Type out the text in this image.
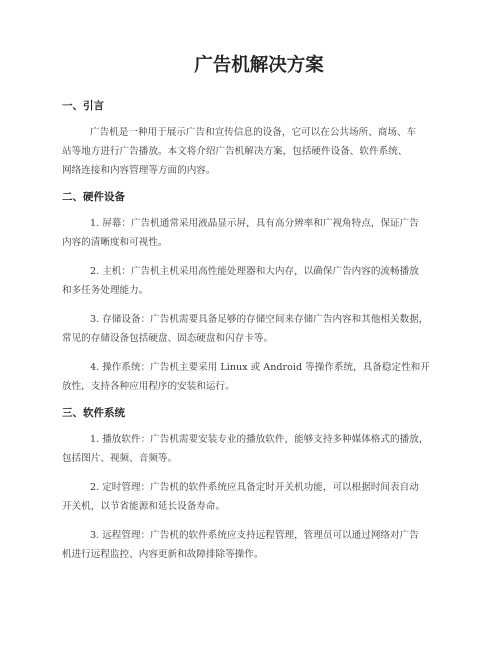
广告机解决方案
一、引言

广告机是一种用于展示广告和宣传信息的设备，它可以在公共场所、商场、车
站等地方进行广告播放。本文将介绍广告机解决方案，包括硬件设备、软件系统、
网络连接和内容管理等方面的内容。

二、硬件设备

1. 屏幕：广告机通常采用液晶显示屏，具有高分辨率和广视角特点，保证广告
内容的清晰度和可视性。

2. 主机：广告机主机采用高性能处理器和大内存，以确保广告内容的流畅播放
和多任务处理能力。

3. 存储设备：广告机需要具备足够的存储空间来存储广告内容和其他相关数据，
常见的存储设备包括硬盘、固态硬盘和闪存卡等。

4. 操作系统：广告机主要采用 Linux 或 Android 等操作系统，具备稳定性和开
放性，支持各种应用程序的安装和运行。

三、软件系统

1. 播放软件：广告机需要安装专业的播放软件，能够支持多种媒体格式的播放，
包括图片、视频、音频等。

2. 定时管理：广告机的软件系统应具备定时开关机功能，可以根据时间表自动
开关机，以节省能源和延长设备寿命。

3. 远程管理：广告机的软件系统应支持远程管理，管理员可以通过网络对广告
机进行远程监控、内容更新和故障排除等操作。
